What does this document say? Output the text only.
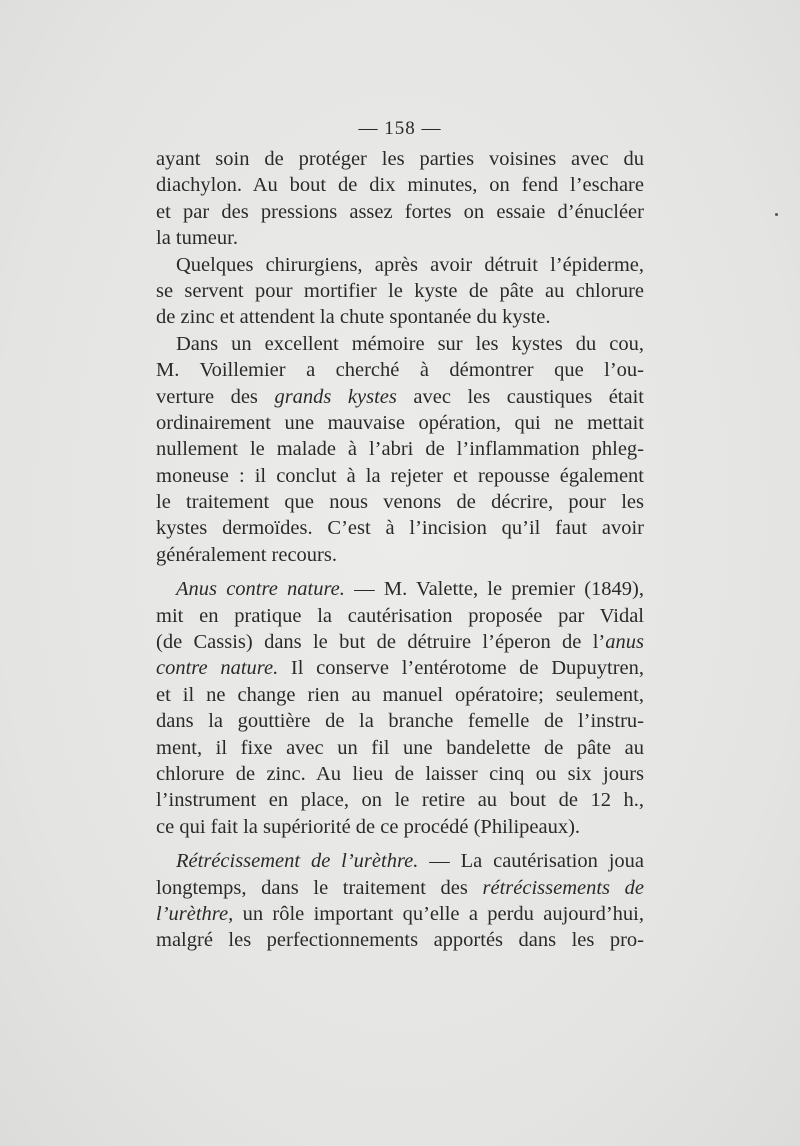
— 158 —
ayant soin de protéger les parties voisines avec du
diachylon. Au bout de dix minutes, on fend l’eschare
et par des pressions assez fortes on essaie d’énucléer
la tumeur.
Quelques chirurgiens, après avoir détruit l’épiderme,
se servent pour mortifier le kyste de pâte au chlorure
de zinc et attendent la chute spontanée du kyste.
Dans un excellent mémoire sur les kystes du cou,
M. Voillemier a cherché à démontrer que l’ou-
verture des grands kystes avec les caustiques était
ordinairement une mauvaise opération, qui ne mettait
nullement le malade à l’abri de l’inflammation phleg-
moneuse : il conclut à la rejeter et repousse également
le traitement que nous venons de décrire, pour les
kystes dermoïdes. C’est à l’incision qu’il faut avoir
généralement recours.
Anus contre nature. — M. Valette, le premier (1849),
mit en pratique la cautérisation proposée par Vidal
(de Cassis) dans le but de détruire l’éperon de l’anus
contre nature. Il conserve l’entérotome de Dupuytren,
et il ne change rien au manuel opératoire; seulement,
dans la gouttière de la branche femelle de l’instru-
ment, il fixe avec un fil une bandelette de pâte au
chlorure de zinc. Au lieu de laisser cinq ou six jours
l’instrument en place, on le retire au bout de 12 h.,
ce qui fait la supériorité de ce procédé (Philipeaux).
Rétrécissement de l’urèthre. — La cautérisation joua
longtemps, dans le traitement des rétrécissements de
l’urèthre, un rôle important qu’elle a perdu aujourd’hui,
malgré les perfectionnements apportés dans les pro-
